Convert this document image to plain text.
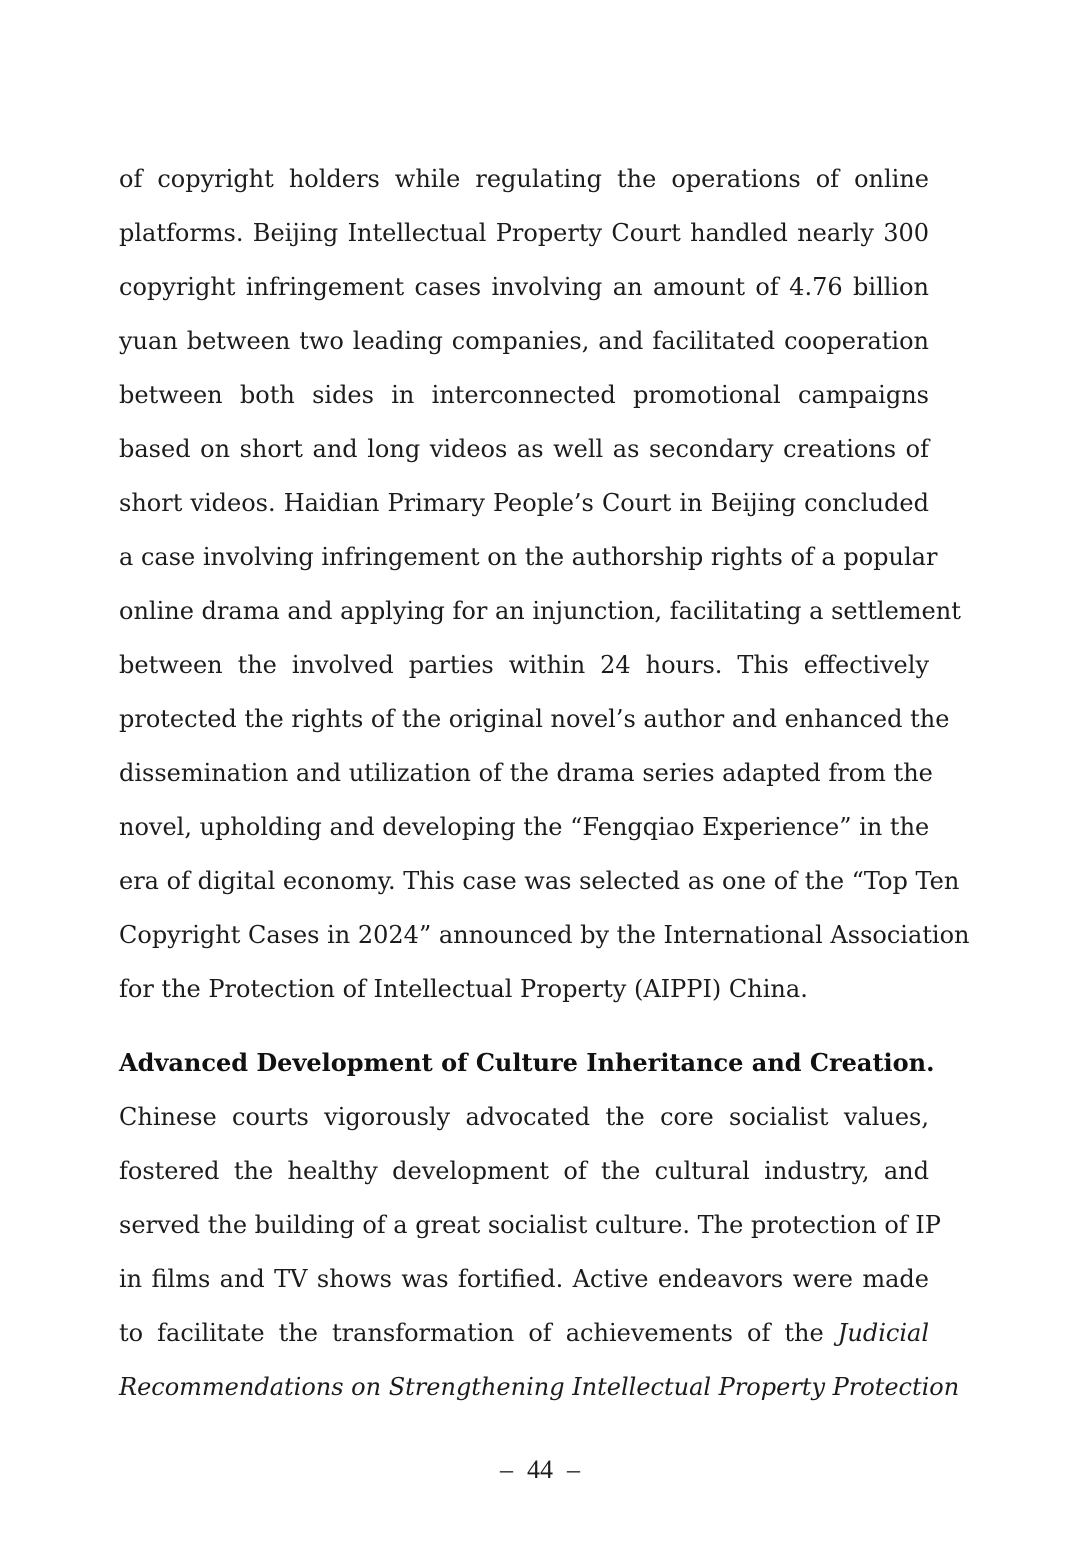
of copyright holders while regulating the operations of online
platforms. Beijing Intellectual Property Court handled nearly 300
copyright infringement cases involving an amount of 4.76 billion
yuan between two leading companies, and facilitated cooperation
between both sides in interconnected promotional campaigns
based on short and long videos as well as secondary creations of
short videos. Haidian Primary People’s Court in Beijing concluded
a case involving infringement on the authorship rights of a popular
online drama and applying for an injunction, facilitating a settlement
between the involved parties within 24 hours. This effectively
protected the rights of the original novel’s author and enhanced the
dissemination and utilization of the drama series adapted from the
novel, upholding and developing the “Fengqiao Experience” in the
era of digital economy. This case was selected as one of the “Top Ten
Copyright Cases in 2024” announced by the International Association
for the Protection of Intellectual Property (AIPPI) China.
Advanced Development of Culture Inheritance and Creation.
Chinese courts vigorously advocated the core socialist values,
fostered the healthy development of the cultural industry, and
served the building of a great socialist culture. The protection of IP
in films and TV shows was fortified. Active endeavors were made
to facilitate the transformation of achievements of the Judicial
Recommendations on Strengthening Intellectual Property Protection
– 44 –
